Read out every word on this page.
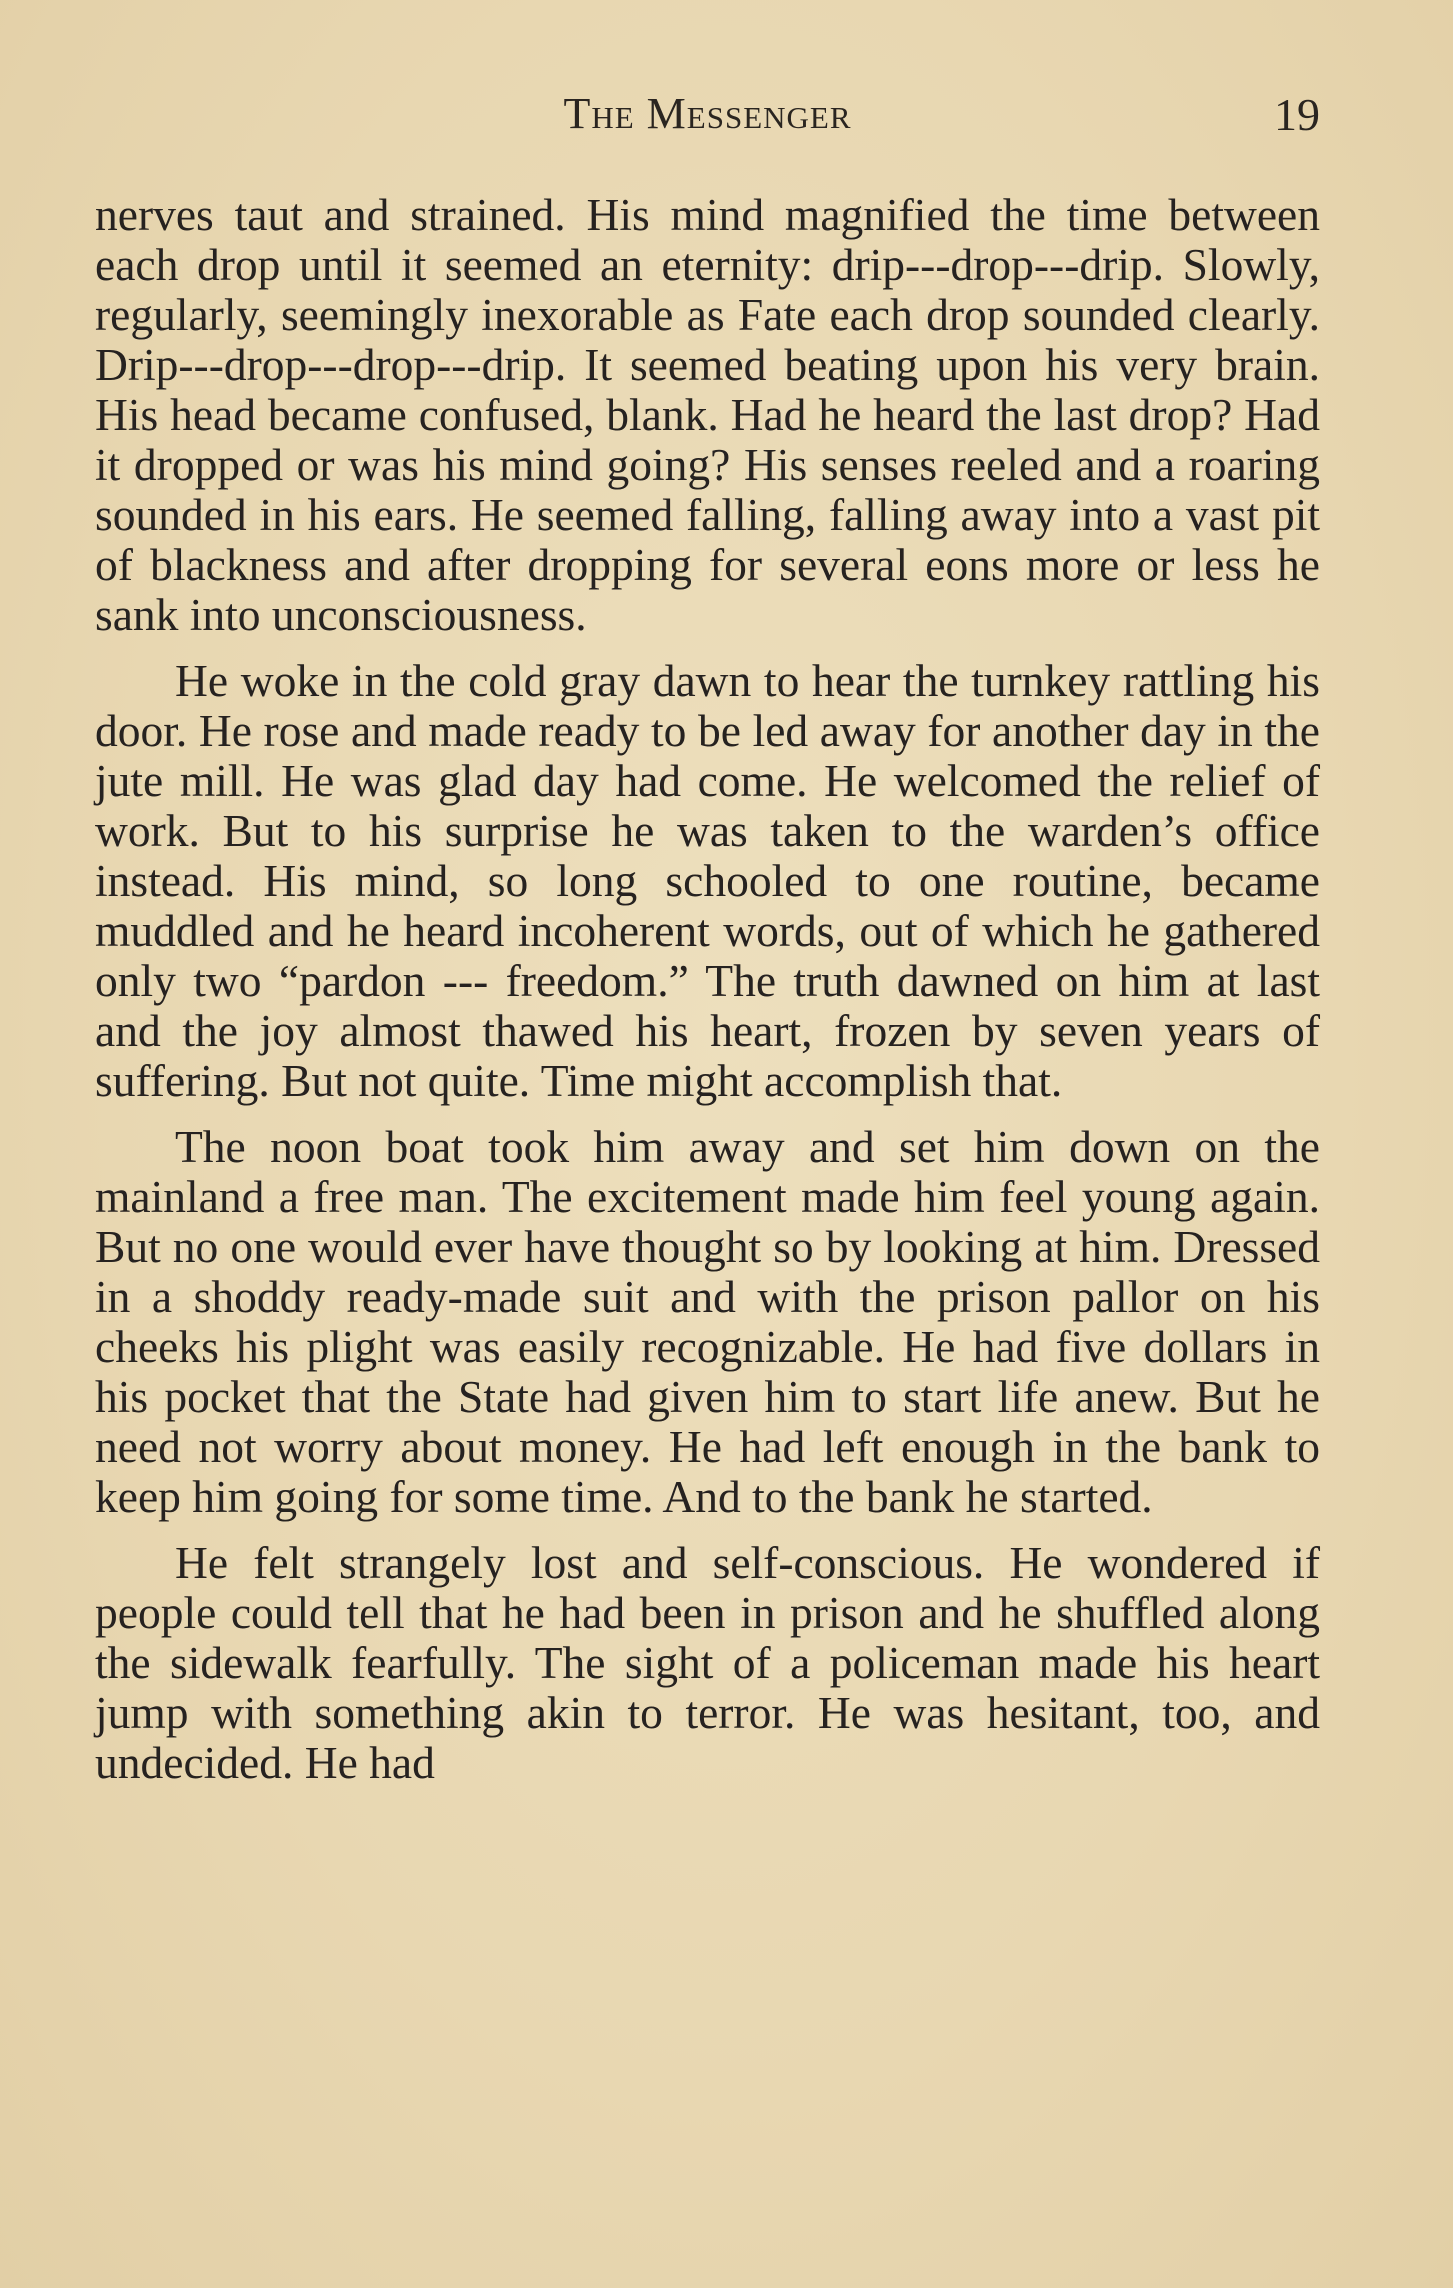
The Messenger	19

nerves taut and strained. His mind magnified the time between each drop until it seemed an eternity: drip---drop---drip. Slowly, regularly, seemingly inexorable as Fate each drop sounded clearly. Drip---drop---drop---drip. It seemed beating upon his very brain. His head became confused, blank. Had he heard the last drop? Had it dropped or was his mind going? His senses reeled and a roaring sounded in his ears. He seemed falling, falling away into a vast pit of blackness and after dropping for several eons more or less he sank into unconsciousness.

He woke in the cold gray dawn to hear the turnkey rattling his door. He rose and made ready to be led away for another day in the jute mill. He was glad day had come. He welcomed the relief of work. But to his surprise he was taken to the warden’s office instead. His mind, so long schooled to one routine, became muddled and he heard incoherent words, out of which he gathered only two “pardon --- freedom.” The truth dawned on him at last and the joy almost thawed his heart, frozen by seven years of suffering. But not quite. Time might accomplish that.

The noon boat took him away and set him down on the mainland a free man. The excitement made him feel young again. But no one would ever have thought so by looking at him. Dressed in a shoddy ready-made suit and with the prison pallor on his cheeks his plight was easily recognizable. He had five dollars in his pocket that the State had given him to start life anew. But he need not worry about money. He had left enough in the bank to keep him going for some time. And to the bank he started.

He felt strangely lost and self-conscious. He wondered if people could tell that he had been in prison and he shuffled along the sidewalk fearfully. The sight of a policeman made his heart jump with something akin to terror. He was hesitant, too, and undecided. He had
